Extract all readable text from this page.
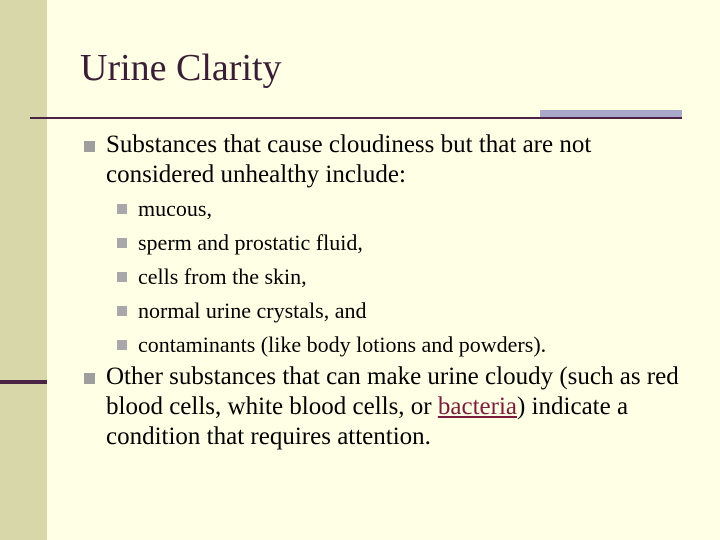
Urine Clarity
Substances that cause cloudiness but that are not considered unhealthy include:
mucous,
sperm and prostatic fluid,
cells from the skin,
normal urine crystals, and
contaminants (like body lotions and powders).
Other substances that can make urine cloudy (such as red blood cells, white blood cells, or bacteria) indicate a condition that requires attention.
